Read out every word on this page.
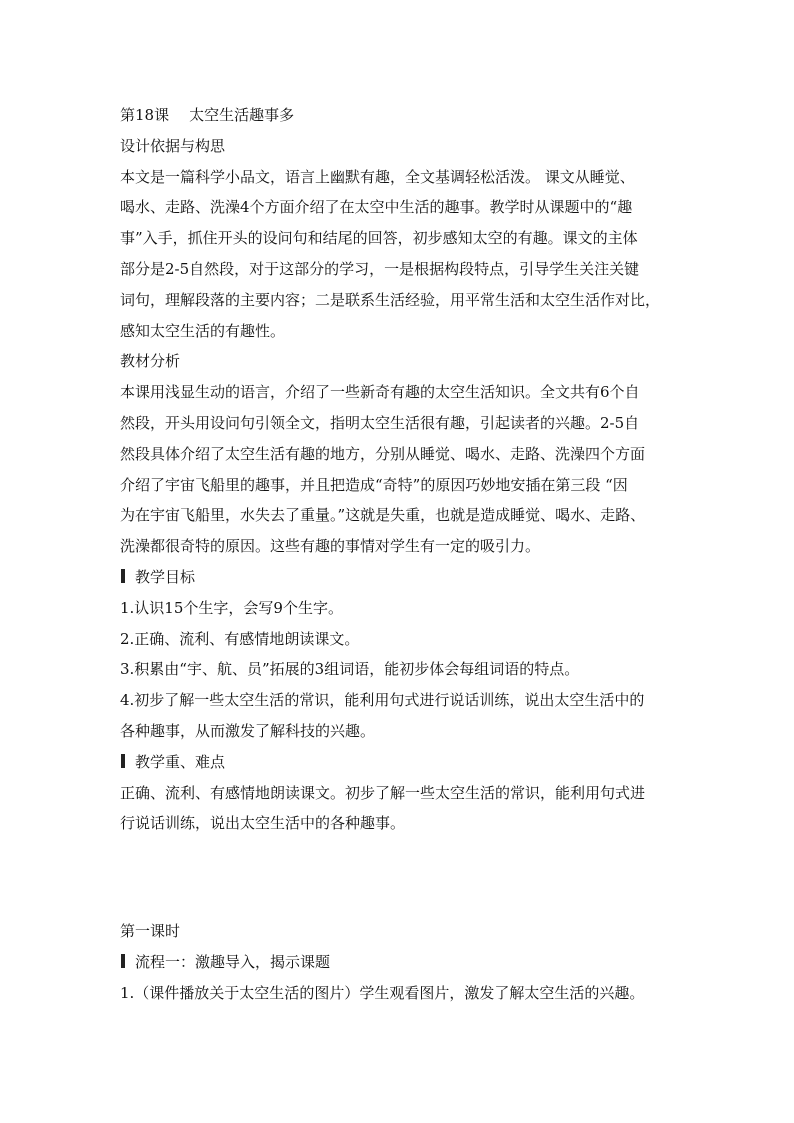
第18课 太空生活趣事多
设计依据与构思
本文是一篇科学小品文，语言上幽默有趣，全文基调轻松活泼。 课文从睡觉、
喝水、走路、洗澡4个方面介绍了在太空中生活的趣事。教学时从课题中的“趣
事”入手，抓住开头的设问句和结尾的回答，初步感知太空的有趣。课文的主体
部分是2-5自然段，对于这部分的学习，一是根据构段特点，引导学生关注关键
词句，理解段落的主要内容；二是联系生活经验，用平常生活和太空生活作对比，
感知太空生活的有趣性。
教材分析
本课用浅显生动的语言，介绍了一些新奇有趣的太空生活知识。全文共有6个自
然段，开头用设问句引领全文，指明太空生活很有趣，引起读者的兴趣。2-5自
然段具体介绍了太空生活有趣的地方，分别从睡觉、喝水、走路、洗澡四个方面
介绍了宇宙飞船里的趣事，并且把造成“奇特”的原因巧妙地安插在第三段 “因
为在宇宙飞船里，水失去了重量。”这就是失重，也就是造成睡觉、喝水、走路、
洗澡都很奇特的原因。这些有趣的事情对学生有一定的吸引力。
教学目标
1.认识15个生字，会写9个生字。
2.正确、流利、有感情地朗读课文。
3.积累由“宇、航、员”拓展的3组词语，能初步体会每组词语的特点。
4.初步了解一些太空生活的常识，能利用句式进行说话训练，说出太空生活中的
各种趣事，从而激发了解科技的兴趣。
教学重、难点
正确、流利、有感情地朗读课文。初步了解一些太空生活的常识，能利用句式进
行说话训练，说出太空生活中的各种趣事。
第一课时
流程一：激趣导入，揭示课题
1.（课件播放关于太空生活的图片）学生观看图片，激发了解太空生活的兴趣。
